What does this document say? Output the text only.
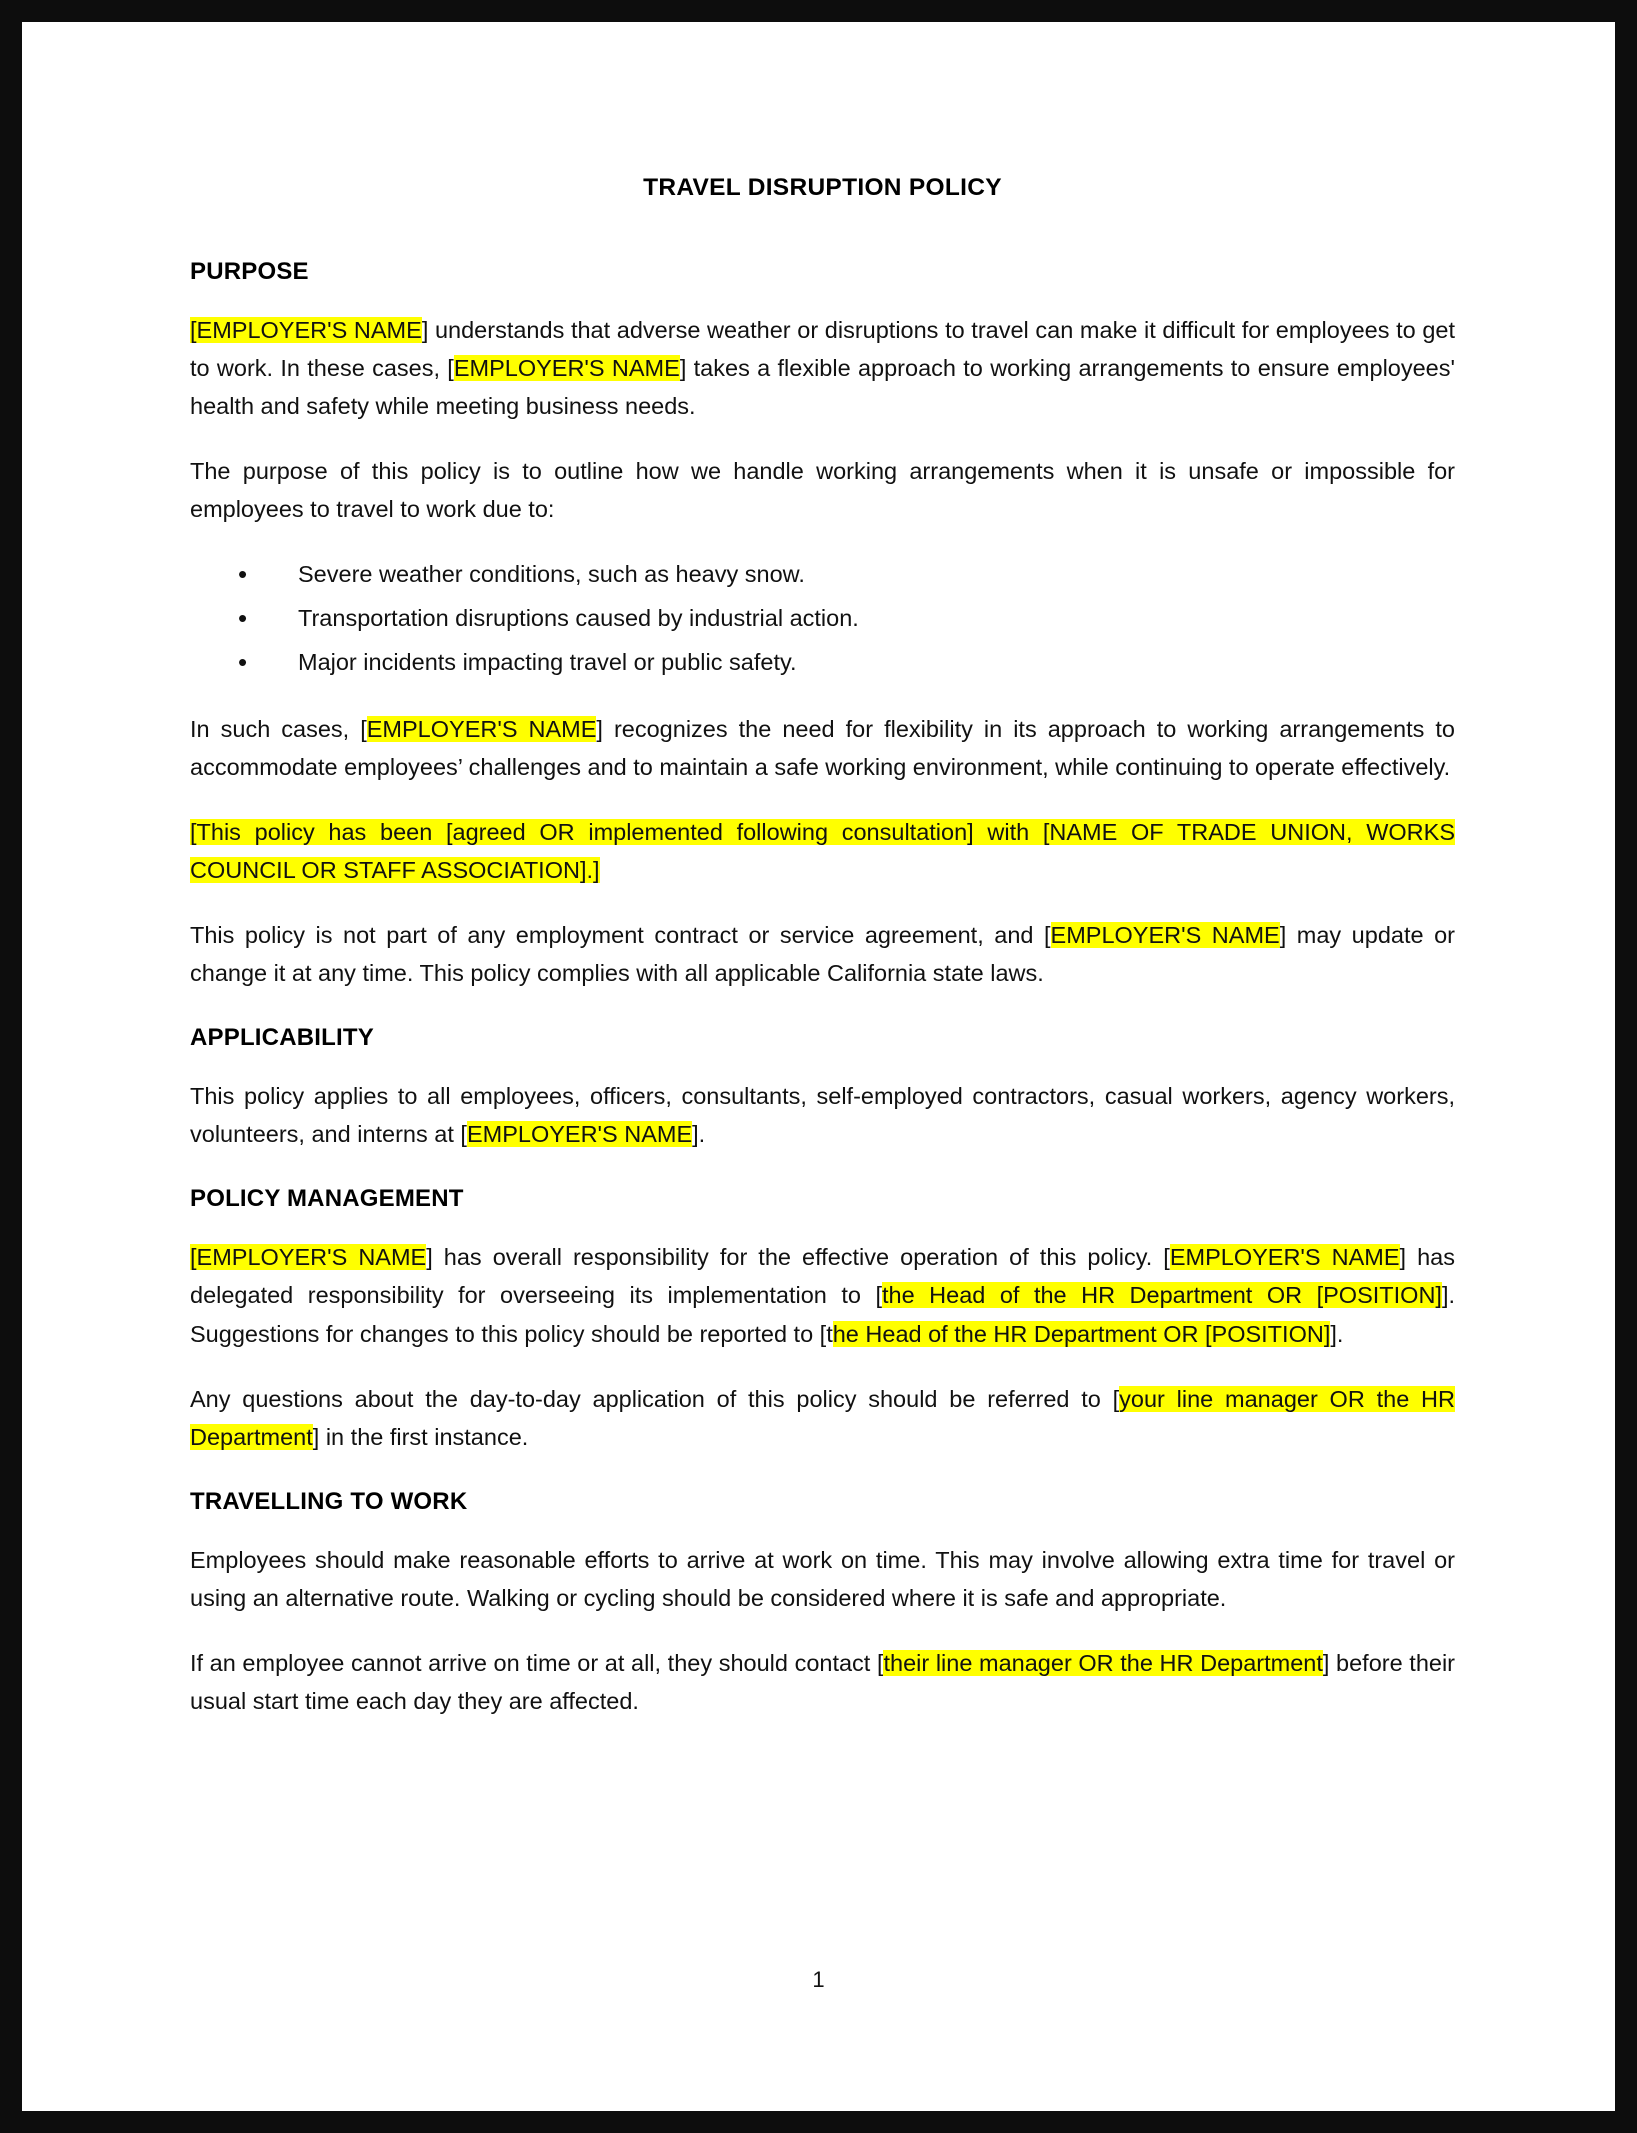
TRAVEL DISRUPTION POLICY
PURPOSE

[EMPLOYER'S NAME] understands that adverse weather or disruptions to travel can make it difficult for employees to get to work. In these cases, [EMPLOYER'S NAME] takes a flexible approach to working arrangements to ensure employees' health and safety while meeting business needs.

The purpose of this policy is to outline how we handle working arrangements when it is unsafe or impossible for employees to travel to work due to:

• Severe weather conditions, such as heavy snow.
• Transportation disruptions caused by industrial action.
• Major incidents impacting travel or public safety.

In such cases, [EMPLOYER'S NAME] recognizes the need for flexibility in its approach to working arrangements to accommodate employees’ challenges and to maintain a safe working environment, while continuing to operate effectively.

[This policy has been [agreed OR implemented following consultation] with [NAME OF TRADE UNION, WORKS COUNCIL OR STAFF ASSOCIATION].]

This policy is not part of any employment contract or service agreement, and [EMPLOYER'S NAME] may update or change it at any time. This policy complies with all applicable California state laws.

APPLICABILITY

This policy applies to all employees, officers, consultants, self-employed contractors, casual workers, agency workers, volunteers, and interns at [EMPLOYER'S NAME].

POLICY MANAGEMENT

[EMPLOYER'S NAME] has overall responsibility for the effective operation of this policy. [EMPLOYER'S NAME] has delegated responsibility for overseeing its implementation to [the Head of the HR Department OR [POSITION]]. Suggestions for changes to this policy should be reported to [the Head of the HR Department OR [POSITION]].

Any questions about the day-to-day application of this policy should be referred to [your line manager OR the HR Department] in the first instance.

TRAVELLING TO WORK

Employees should make reasonable efforts to arrive at work on time. This may involve allowing extra time for travel or using an alternative route. Walking or cycling should be considered where it is safe and appropriate.

If an employee cannot arrive on time or at all, they should contact [their line manager OR the HR Department] before their usual start time each day they are affected.

1
